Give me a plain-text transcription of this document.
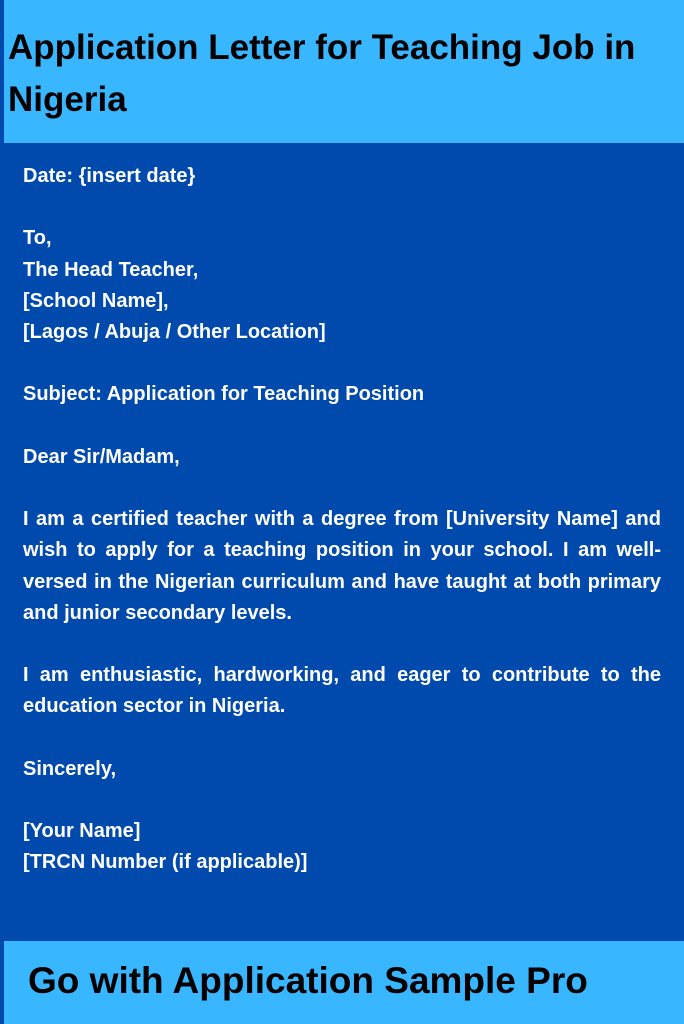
Application Letter for Teaching Job in Nigeria

Date: {insert date}

To,
The Head Teacher,
[School Name],
[Lagos / Abuja / Other Location]

Subject: Application for Teaching Position

Dear Sir/Madam,

I am a certified teacher with a degree from [University Name] and wish to apply for a teaching position in your school. I am well-versed in the Nigerian curriculum and have taught at both primary and junior secondary levels.

I am enthusiastic, hardworking, and eager to contribute to the education sector in Nigeria.

Sincerely,

[Your Name]
[TRCN Number (if applicable)]

Go with Application Sample Pro
